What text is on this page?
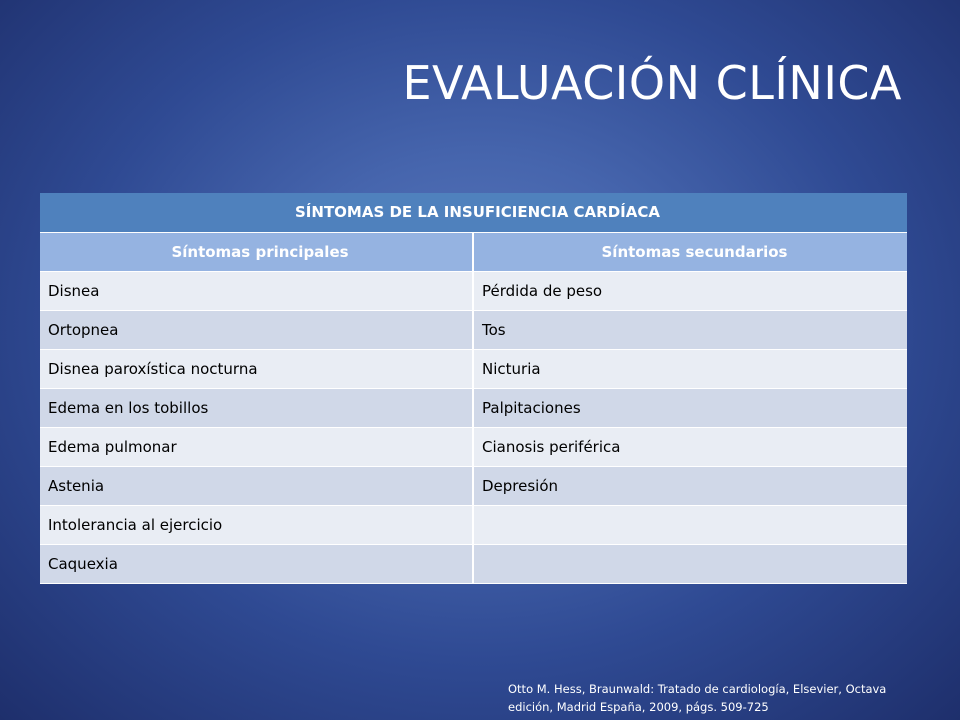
EVALUACIÓN CLÍNICA
SÍNTOMAS DE LA INSUFICIENCIA CARDÍACA	
Síntomas principales	Síntomas secundarios
Disnea	Pérdida de peso
Ortopnea	Tos
Disnea paroxística nocturna	Nicturia
Edema en los tobillos	Palpitaciones
Edema pulmonar	Cianosis periférica
Astenia	Depresión
Intolerancia al ejercicio	
Caquexia	
Otto M. Hess, Braunwald: Tratado de cardiología, Elsevier, Octava
edición, Madrid España, 2009, págs. 509-725
